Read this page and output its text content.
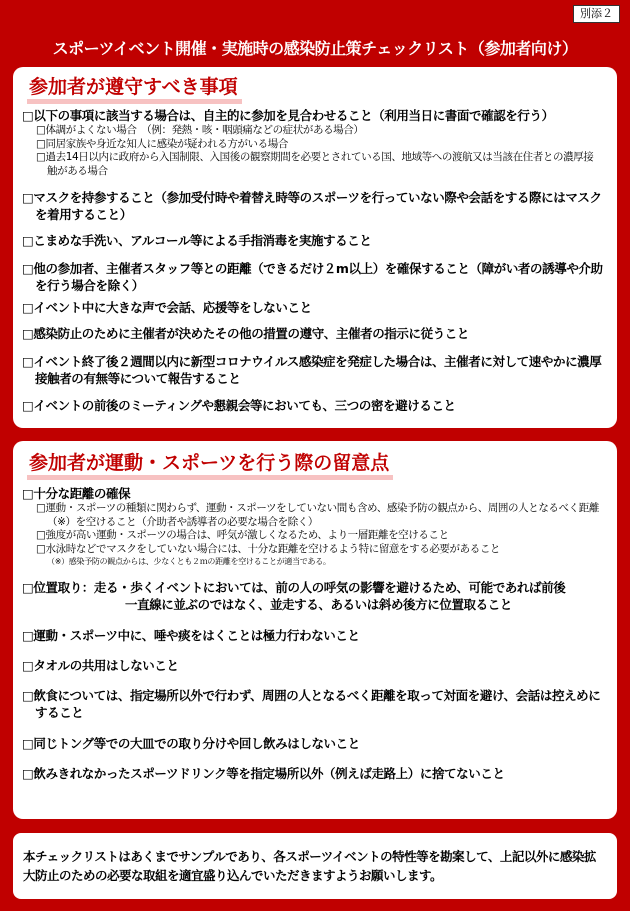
別添２
スポーツイベント開催・実施時の感染防止策チェックリスト（参加者向け）
参加者が遵守すべき事項
□以下の事項に該当する場合は、自主的に参加を見合わせること（利用当日に書面で確認を行う）
□体調がよくない場合　（例：発熱・咳・咽頭痛などの症状がある場合）
□同居家族や身近な知人に感染が疑われる方がいる場合
□過去14日以内に政府から入国制限、入国後の観察期間を必要とされている国、地域等への渡航又は当該在住者との濃厚接触がある場合
□マスクを持参すること（参加受付時や着替え時等のスポーツを行っていない際や会話をする際にはマスクを着用すること）
□こまめな手洗い、アルコール等による手指消毒を実施すること
□他の参加者、主催者スタッフ等との距離（できるだけ２m以上）を確保すること（障がい者の誘導や介助を行う場合を除く）
□イベント中に大きな声で会話、応援等をしないこと
□感染防止のために主催者が決めたその他の措置の遵守、主催者の指示に従うこと
□イベント終了後２週間以内に新型コロナウイルス感染症を発症した場合は、主催者に対して速やかに濃厚接触者の有無等について報告すること
□イベントの前後のミーティングや懇親会等においても、三つの密を避けること
参加者が運動・スポーツを行う際の留意点
□十分な距離の確保
□運動・スポーツの種類に関わらず、運動・スポーツをしていない間も含め、感染予防の観点から、周囲の人となるべく距離（※）を空けること（介助者や誘導者の必要な場合を除く）
□強度が高い運動・スポーツの場合は、呼気が激しくなるため、より一層距離を空けること
□水泳時などでマスクをしていない場合には、十分な距離を空けるよう特に留意をする必要があること
（※）感染予防の観点からは、少なくとも２ｍの距離を空けることが適当である。
□位置取り：走る・歩くイベントにおいては、前の人の呼気の影響を避けるため、可能であれば前後
一直線に並ぶのではなく、並走する、あるいは斜め後方に位置取ること
□運動・スポーツ中に、唾や痰をはくことは極力行わないこと
□タオルの共用はしないこと
□飲食については、指定場所以外で行わず、周囲の人となるべく距離を取って対面を避け、会話は控えめにすること
□同じトング等での大皿での取り分けや回し飲みはしないこと
□飲みきれなかったスポーツドリンク等を指定場所以外（例えば走路上）に捨てないこと
本チェックリストはあくまでサンプルであり、各スポーツイベントの特性等を勘案して、上記以外に感染拡大防止のための必要な取組を適宜盛り込んでいただきますようお願いします。
